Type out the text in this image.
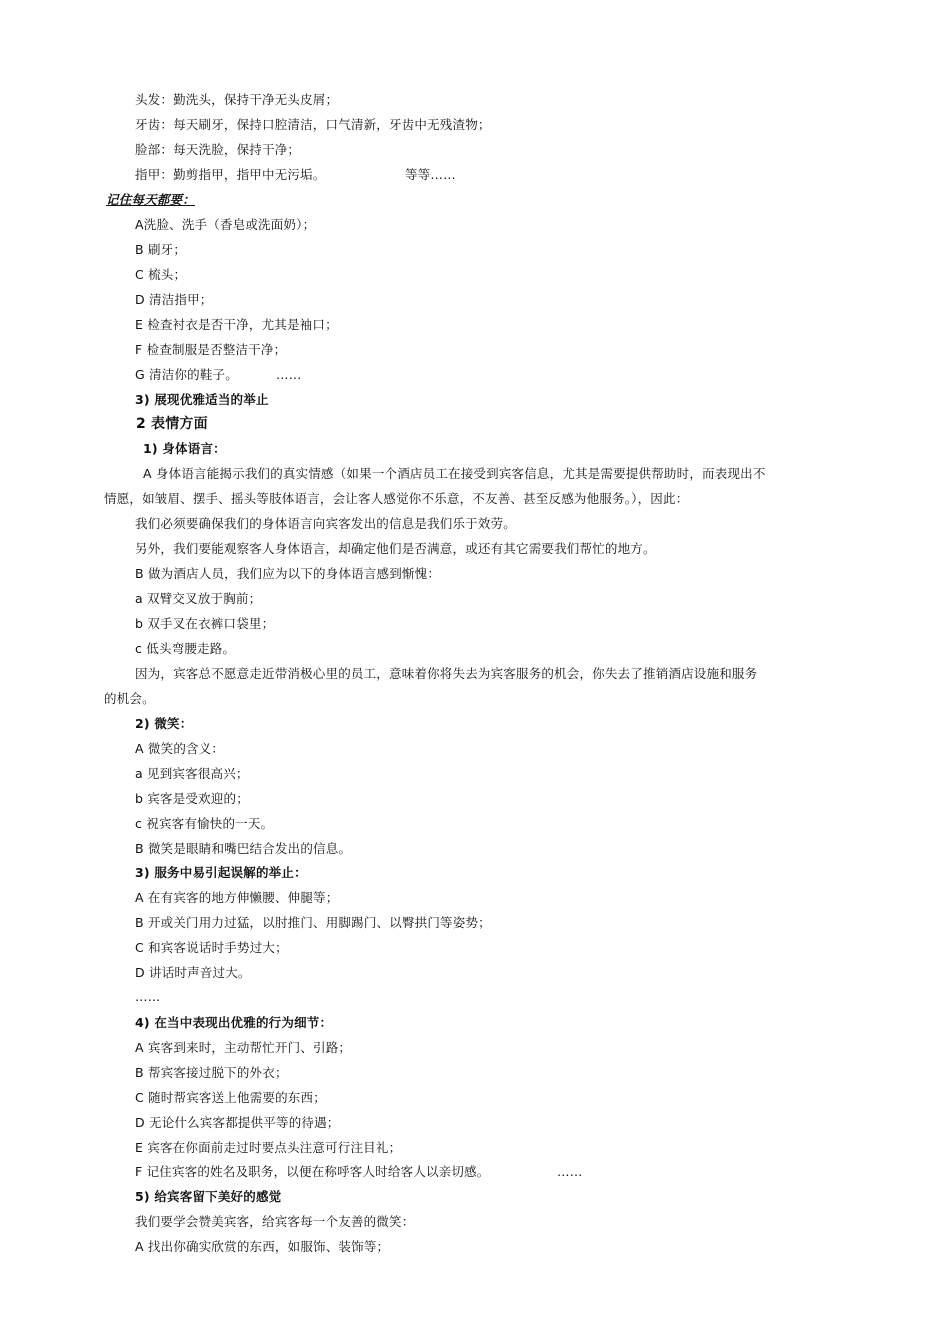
头发：勤洗头，保持干净无头皮屑；
牙齿：每天刷牙，保持口腔清洁，口气清新，牙齿中无残渣物；
脸部：每天洗脸，保持干净；
指甲：勤剪指甲，指甲中无污垢。	等等……
记住每天都要：
A洗脸、洗手（香皂或洗面奶）；
B 刷牙；
C 梳头；
D 清洁指甲；
E 检查衬衣是否干净，尤其是袖口；
F 检查制服是否整洁干净；
G 清洁你的鞋子。	……
3) 展现优雅适当的举止
2 表情方面
1) 身体语言：
A 身体语言能揭示我们的真实情感（如果一个酒店员工在接受到宾客信息，尤其是需要提供帮助时，而表现出不
情愿，如皱眉、摆手、摇头等肢体语言，会让客人感觉你不乐意，不友善、甚至反感为他服务。），因此：
我们必须要确保我们的身体语言向宾客发出的信息是我们乐于效劳。
另外，我们要能观察客人身体语言，却确定他们是否满意，或还有其它需要我们帮忙的地方。
B 做为酒店人员，我们应为以下的身体语言感到惭愧：
a 双臂交叉放于胸前；
b 双手叉在衣裤口袋里；
c 低头弯腰走路。
因为，宾客总不愿意走近带消极心里的员工，意味着你将失去为宾客服务的机会，你失去了推销酒店设施和服务
的机会。
2) 微笑：
A 微笑的含义：
a 见到宾客很高兴；
b 宾客是受欢迎的；
c 祝宾客有愉快的一天。
B 微笑是眼睛和嘴巴结合发出的信息。
3) 服务中易引起误解的举止：
A 在有宾客的地方伸懒腰、伸腿等；
B 开或关门用力过猛，以肘推门、用脚踢门、以臀拱门等姿势；
C 和宾客说话时手势过大；
D 讲话时声音过大。
……
4) 在当中表现出优雅的行为细节：
A 宾客到来时，主动帮忙开门、引路；
B 帮宾客接过脱下的外衣；
C 随时帮宾客送上他需要的东西；
D 无论什么宾客都提供平等的待遇；
E 宾客在你面前走过时要点头注意可行注目礼；
F 记住宾客的姓名及职务，以便在称呼客人时给客人以亲切感。	……
5) 给宾客留下美好的感觉
我们要学会赞美宾客，给宾客每一个友善的微笑：
A 找出你确实欣赏的东西，如服饰、装饰等；
